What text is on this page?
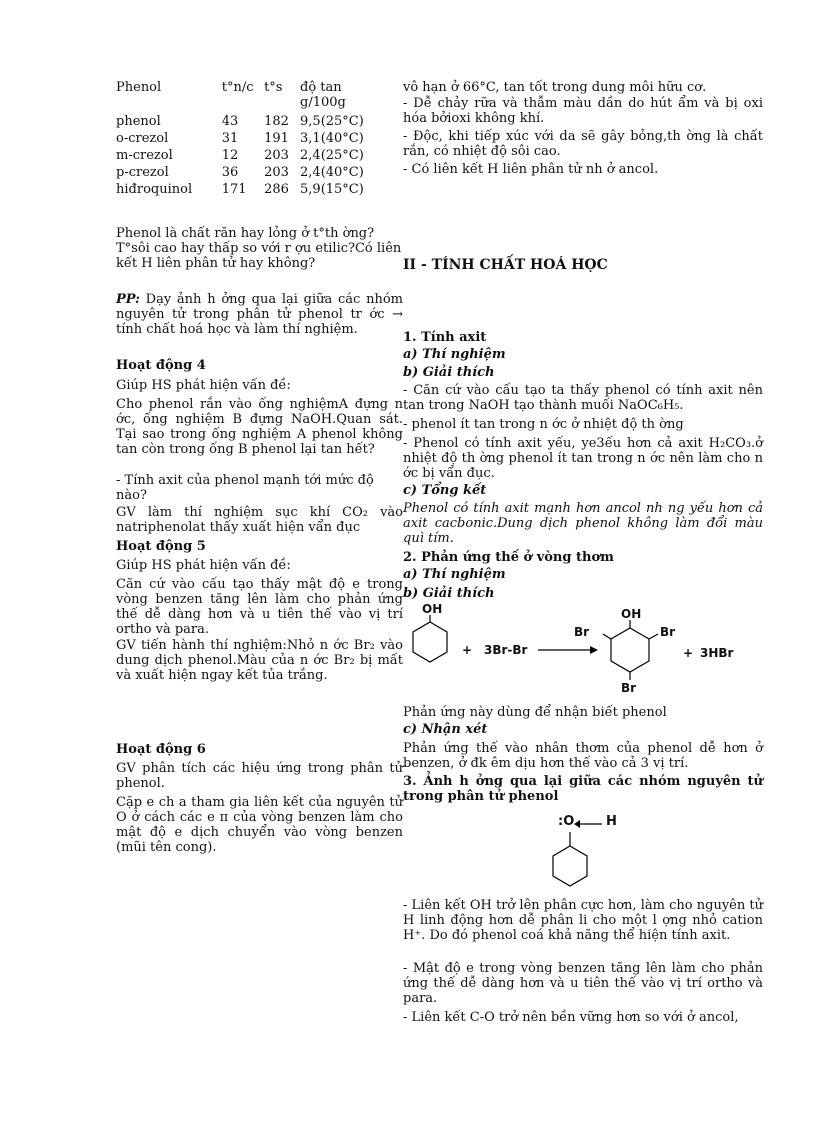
Phenol	t°n/c	t°s	độ tan g/100g
phenol	43	182	9,5(25°C)
o-crezol	31	191	3,1(40°C)
m-crezol	12	203	2,4(25°C)
p-crezol	36	203	2,4(40°C)
hiđroquinol	171	286	5,9(15°C)
Phenol là chất răn hay lỏng ở t°th ờng? T°sôi cao hay thấp so với r ợu etilic?Có liên kết H liên phân tử hay không?
PP: Dạy ảnh h ởng qua lại giữa các nhóm nguyên tử trong phân tử phenol tr ớc → tính chất hoá học và làm thí nghiệm.
Hoạt động 4
Giúp HS phát hiện vấn đề:
Cho phenol rắn vào ống nghiệmA đựng n ớc, ống nghiệm B đựng NaOH.Quan sát. Tại sao trong ống nghiệm A phenol không tan còn trong ống B phenol lại tan hết?
- Tính axit của phenol mạnh tới mức độ nào?
GV làm thí nghiệm sục khí CO₂ vào natriphenolat thấy xuất hiện vẩn đục
Hoạt động 5
Giúp HS phát hiện vấn đề:
Căn cứ vào cấu tạo thấy mật độ e trong vòng benzen tăng lên làm cho phản ứng thế dễ dàng hơn và u tiên thế vào vị trí ortho và para.
GV tiến hành thí nghiệm:Nhỏ n ớc Br₂ vào dung dịch phenol.Màu của n ớc Br₂ bị mất và xuất hiện ngay kết tủa trắng.
Hoạt động 6
GV phân tích các hiệu ứng trong phân tử phenol.
Cặp e ch a tham gia liên kết của nguyên tử O ở cách các e π của vòng benzen làm cho mật độ e dịch chuyển vào vòng benzen (mũi tên cong).
vô hạn ở 66°C, tan tốt trong dung môi hữu cơ.
- Dễ chảy rữa và thẫm màu dần do hút ẩm và bị oxi hóa bởioxi không khí.
- Độc, khi tiếp xúc với da sẽ gây bỏng,th ờng là chất rắn, có nhiệt độ sôi cao.
- Có liên kết H liên phân tử nh ở ancol.
II - TÍNH CHẤT HOÁ HỌC
1. Tính axit
a) Thí nghiệm
b) Giải thích
- Căn cứ vào cấu tạo ta thấy phenol có tính axit nên tan trong NaOH tạo thành muối NaOC₆H₅.
- phenol ít tan trong n ớc ở nhiệt độ th ờng
- Phenol có tính axit yếu, ye3ếu hơn cả axit H₂CO₃.ở nhiệt độ th ờng phenol ít tan trong n ớc nên làm cho n ớc bị vẩn đục.
c) Tổng kết
Phenol có tính axit mạnh hơn ancol nh ng yếu hơn cả axit cacbonic.Dung dịch phenol không làm đổi màu quì tím.
2. Phản ứng thế ở vòng thơm
a) Thí nghiệm
b) Giải thích
OH
+ 3Br-Br
OH
Br	Br
Br
+ 3HBr
Phản ứng này dùng để nhận biết phenol
c) Nhận xét
Phản ứng thế vào nhân thơm của phenol dễ hơn ở benzen, ở đk êm dịu hơn thế vào cả 3 vị trí.
3. Ảnh h ởng qua lại giữa các nhóm nguyên tử trong phân tử phenol
:O H
- Liên kết OH trở lên phân cực hơn, làm cho nguyên tử H linh động hơn dễ phân li cho một l ợng nhỏ cation H⁺. Do đó phenol coá khả năng thể hiện tính axit.
- Mật độ e trong vòng benzen tăng lên làm cho phản ứng thế dễ dàng hơn và u tiên thế vào vị trí ortho và para.
- Liên kết C-O trở nên bền vững hơn so với ở ancol,
